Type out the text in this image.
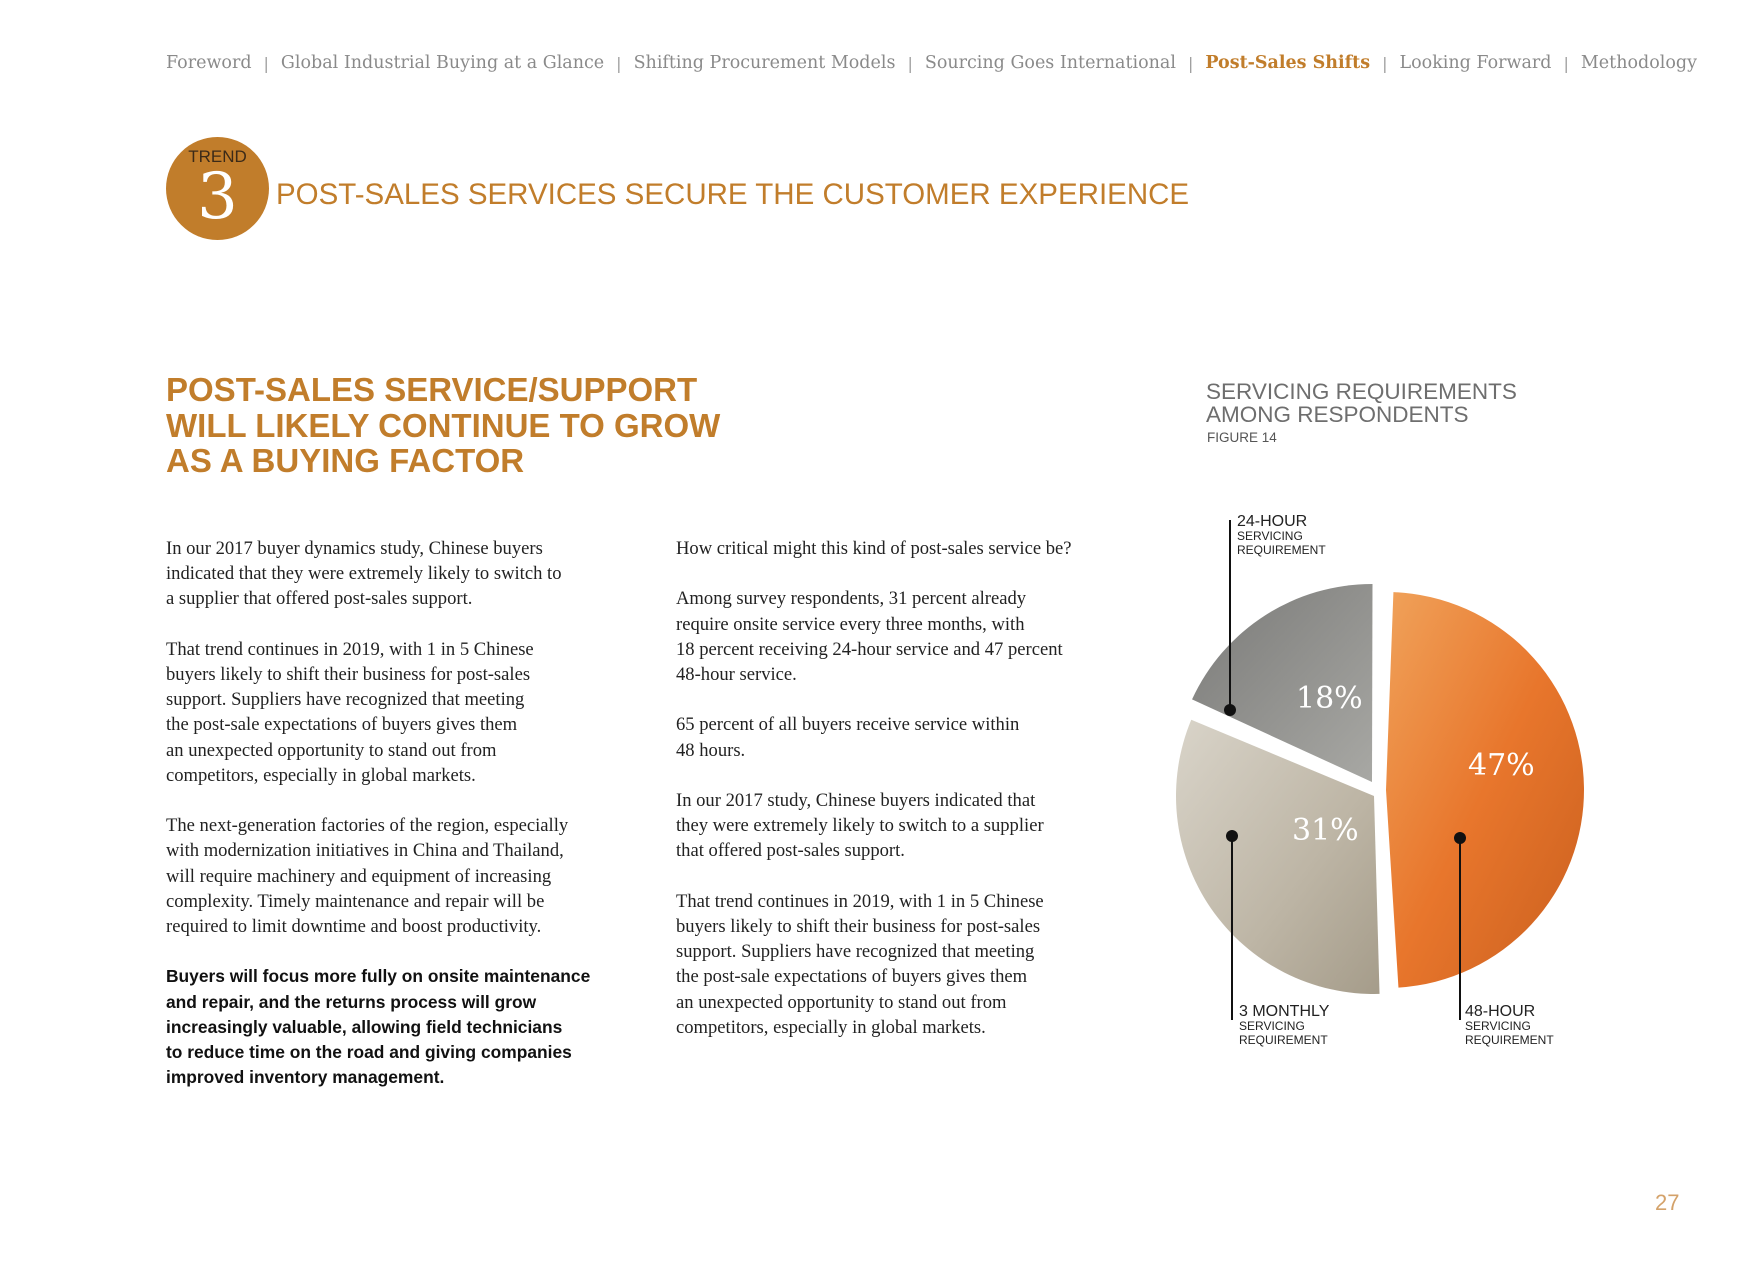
Foreword | Global Industrial Buying at a Glance | Shifting Procurement Models | Sourcing Goes International | Post-Sales Shifts | Looking Forward | Methodology
TREND
3	POST-SALES SERVICES SECURE THE CUSTOMER EXPERIENCE
POST-SALES SERVICE/SUPPORT WILL LIKELY CONTINUE TO GROW AS A BUYING FACTOR

In our 2017 buyer dynamics study, Chinese buyers
indicated that they were extremely likely to switch to
a supplier that offered post-sales support.

That trend continues in 2019, with 1 in 5 Chinese
buyers likely to shift their business for post-sales
support. Suppliers have recognized that meeting
the post-sale expectations of buyers gives them
an unexpected opportunity to stand out from
competitors, especially in global markets.

The next-generation factories of the region, especially
with modernization initiatives in China and Thailand,
will require machinery and equipment of increasing
complexity. Timely maintenance and repair will be
required to limit downtime and boost productivity.

Buyers will focus more fully on onsite maintenance
and repair, and the returns process will grow
increasingly valuable, allowing field technicians
to reduce time on the road and giving companies
improved inventory management.

How critical might this kind of post-sales service be?

Among survey respondents, 31 percent already
require onsite service every three months, with
18 percent receiving 24-hour service and 47 percent
48-hour service.

65 percent of all buyers receive service within
48 hours.

In our 2017 study, Chinese buyers indicated that
they were extremely likely to switch to a supplier
that offered post-sales support.

That trend continues in 2019, with 1 in 5 Chinese
buyers likely to shift their business for post-sales
support. Suppliers have recognized that meeting
the post-sale expectations of buyers gives them
an unexpected opportunity to stand out from
competitors, especially in global markets.

SERVICING REQUIREMENTS
AMONG RESPONDENTS
FIGURE 14
47%
31%
18%
24-HOUR
SERVICING
REQUIREMENT
3 MONTHLY
SERVICING
REQUIREMENT
48-HOUR
SERVICING
REQUIREMENT
27
